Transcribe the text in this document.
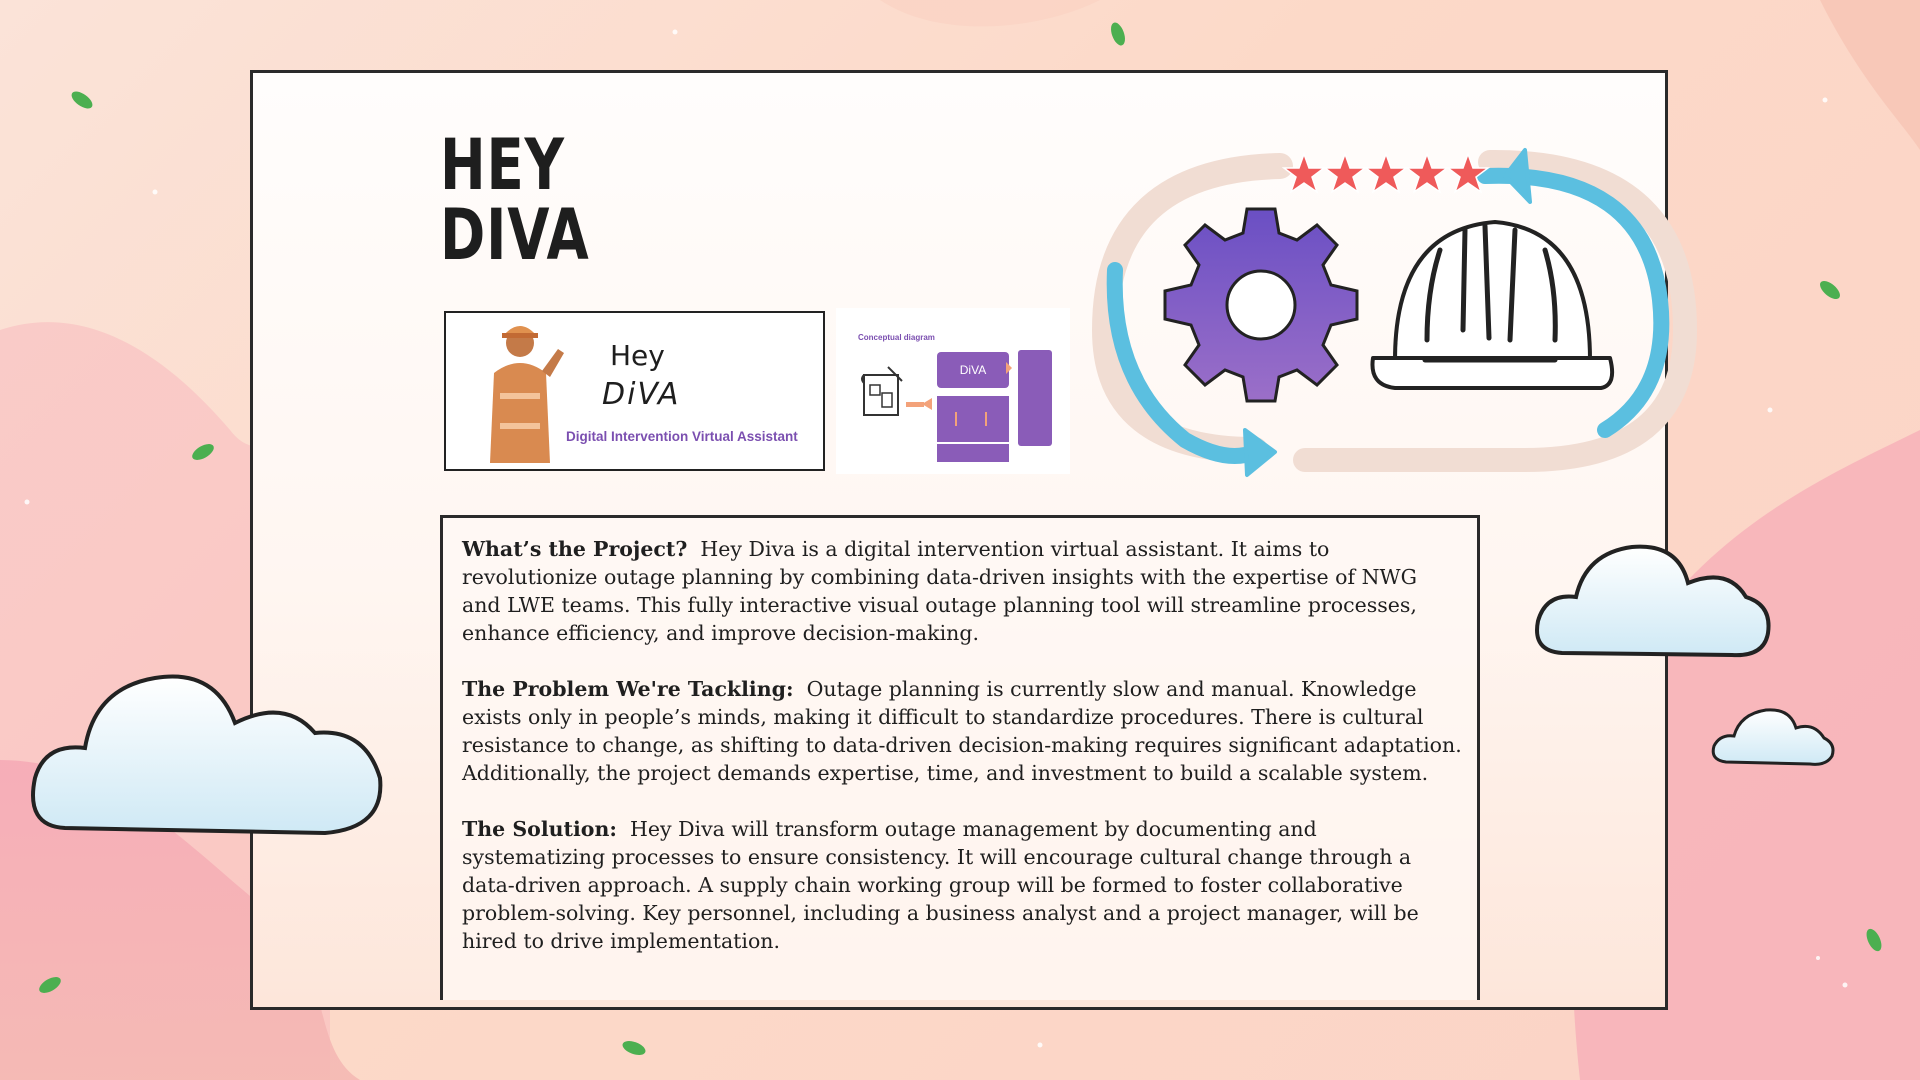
HEY
DIVA
Hey
DiVA
Digital Intervention Virtual Assistant
Conceptual diagram
DiVA

What’s the Project? Hey Diva is a digital intervention virtual assistant. It aims to revolutionize outage planning by combining data-driven insights with the expertise of NWG and LWE teams. This fully interactive visual outage planning tool will streamline processes, enhance efficiency, and improve decision-making.

The Problem We're Tackling: Outage planning is currently slow and manual. Knowledge exists only in people’s minds, making it difficult to standardize procedures. There is cultural resistance to change, as shifting to data-driven decision-making requires significant adaptation. Additionally, the project demands expertise, time, and investment to build a scalable system.

The Solution: Hey Diva will transform outage management by documenting and systematizing processes to ensure consistency. It will encourage cultural change through a data-driven approach. A supply chain working group will be formed to foster collaborative problem-solving. Key personnel, including a business analyst and a project manager, will be hired to drive implementation.
